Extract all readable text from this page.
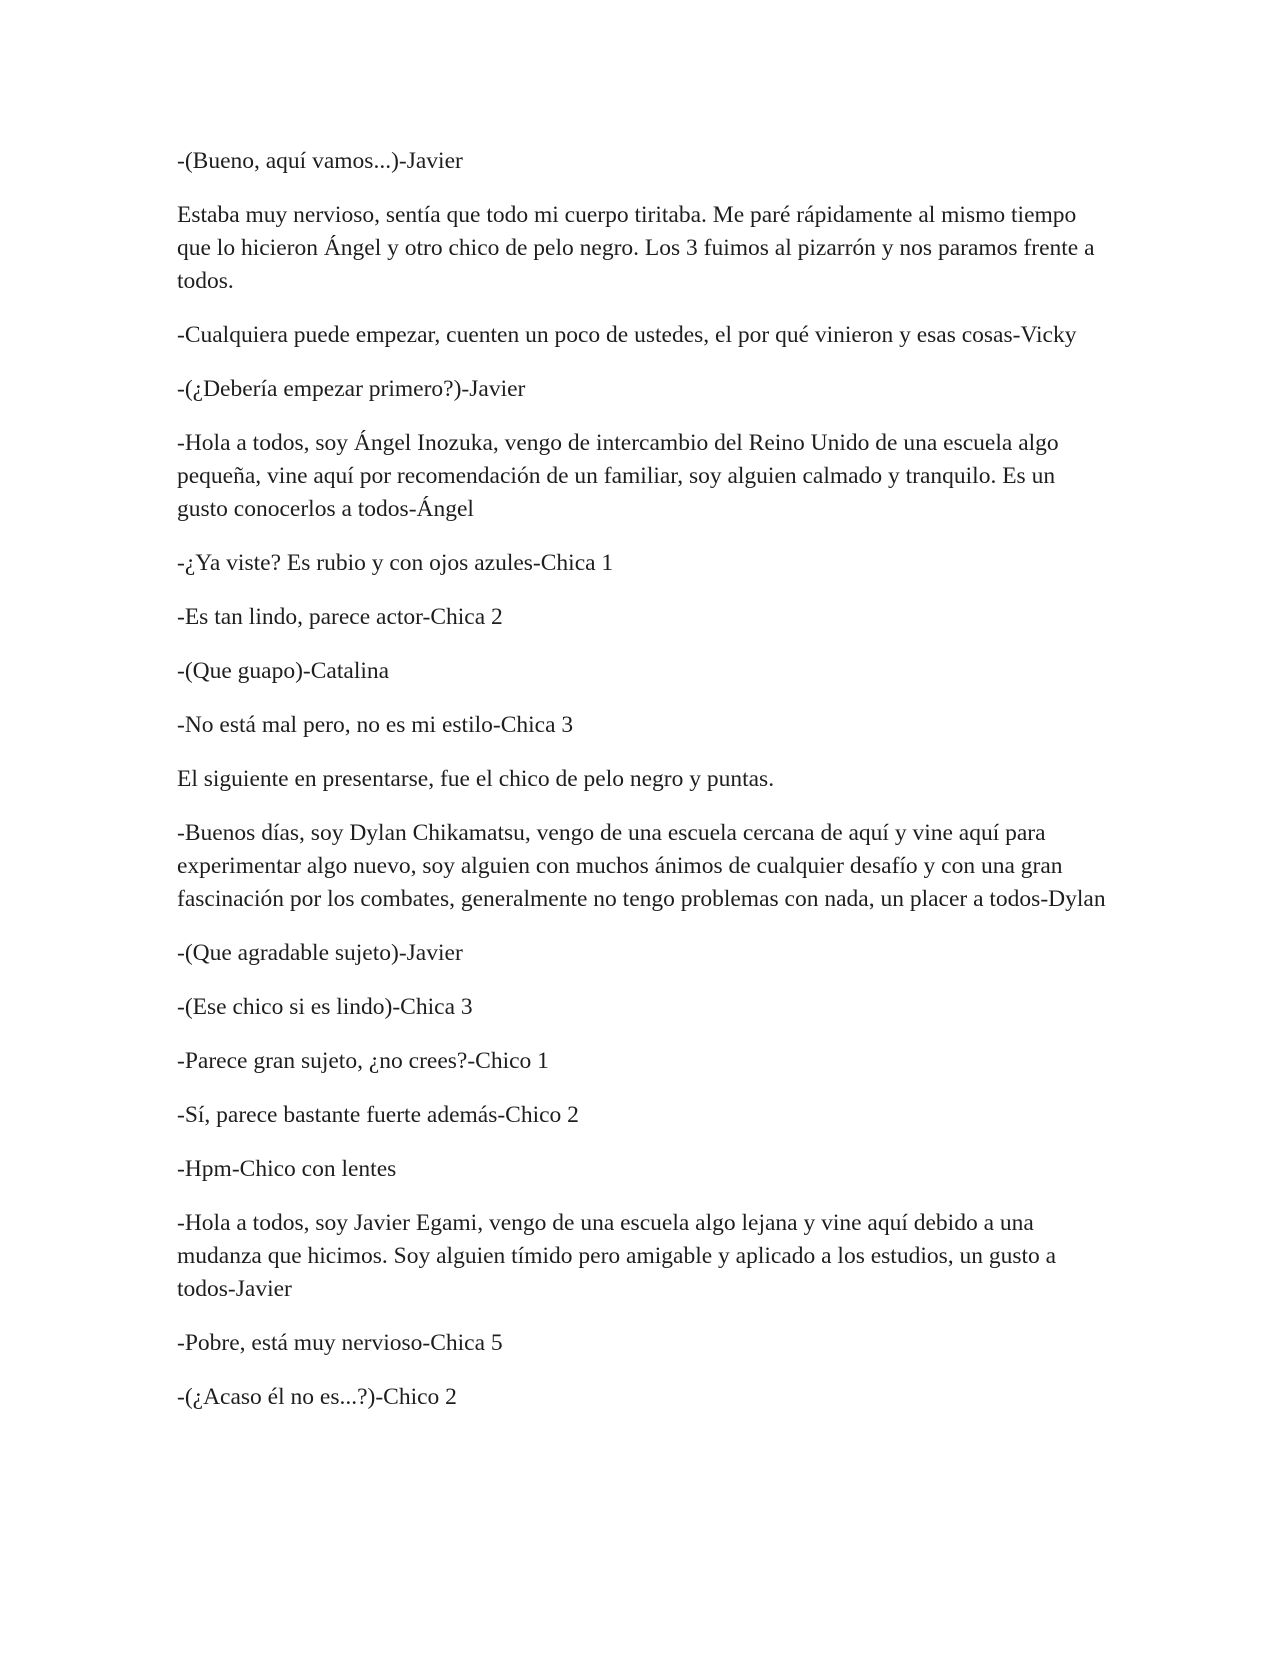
-(Bueno, aquí vamos...)-Javier

Estaba muy nervioso, sentía que todo mi cuerpo tiritaba. Me paré rápidamente al mismo tiempo que lo hicieron Ángel y otro chico de pelo negro. Los 3 fuimos al pizarrón y nos paramos frente a todos.

-Cualquiera puede empezar, cuenten un poco de ustedes, el por qué vinieron y esas cosas-Vicky

-(¿Debería empezar primero?)-Javier

-Hola a todos, soy Ángel Inozuka, vengo de intercambio del Reino Unido de una escuela algo pequeña, vine aquí por recomendación de un familiar, soy alguien calmado y tranquilo. Es un gusto conocerlos a todos-Ángel

-¿Ya viste? Es rubio y con ojos azules-Chica 1

-Es tan lindo, parece actor-Chica 2

-(Que guapo)-Catalina

-No está mal pero, no es mi estilo-Chica 3

El siguiente en presentarse, fue el chico de pelo negro y puntas.

-Buenos días, soy Dylan Chikamatsu, vengo de una escuela cercana de aquí y vine aquí para experimentar algo nuevo, soy alguien con muchos ánimos de cualquier desafío y con una gran fascinación por los combates, generalmente no tengo problemas con nada, un placer a todos-Dylan

-(Que agradable sujeto)-Javier

-(Ese chico si es lindo)-Chica 3

-Parece gran sujeto, ¿no crees?-Chico 1

-Sí, parece bastante fuerte además-Chico 2

-Hpm-Chico con lentes

-Hola a todos, soy Javier Egami, vengo de una escuela algo lejana y vine aquí debido a una mudanza que hicimos. Soy alguien tímido pero amigable y aplicado a los estudios, un gusto a todos-Javier

-Pobre, está muy nervioso-Chica 5

-(¿Acaso él no es...?)-Chico 2
